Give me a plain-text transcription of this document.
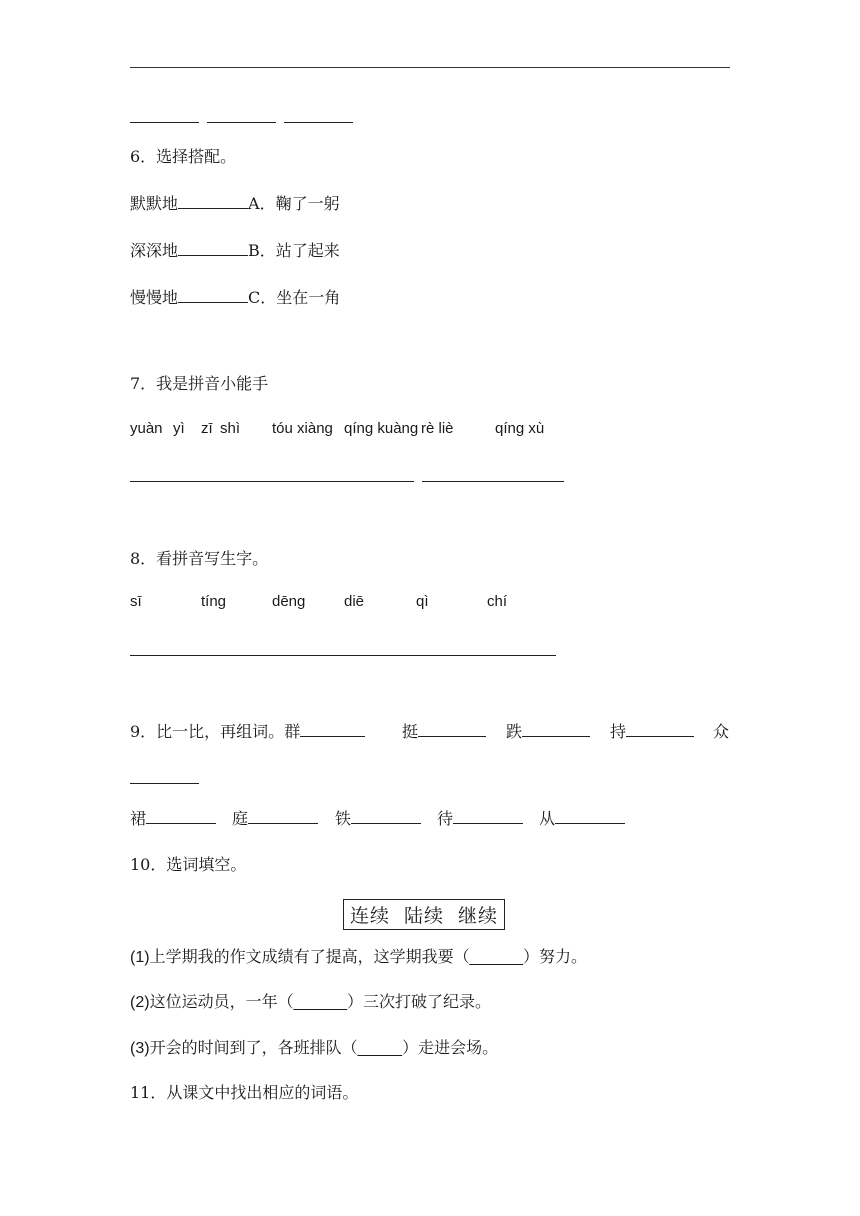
6．选择搭配。
默默地	A．鞠了一躬
深深地	B．站了起来
慢慢地	C．坐在一角
7．我是拼音小能手
yuàn yì zī shì tóu xiàng qíng kuàng rè liè	qíng xù
8．看拼音写生字。
sī	tíng	dēng	diē	qì	chí
9．比一比，再组词。群	挺	跌	持	众
裙	庭	铁	待	从
10．选词填空。
连续 陆续 继续
(1)上学期我的作文成绩有了提高，这学期我要（______）努力。
(2)这位运动员，一年（______）三次打破了纪录。
(3)开会的时间到了，各班排队（_____）走进会场。
11．从课文中找出相应的词语。
